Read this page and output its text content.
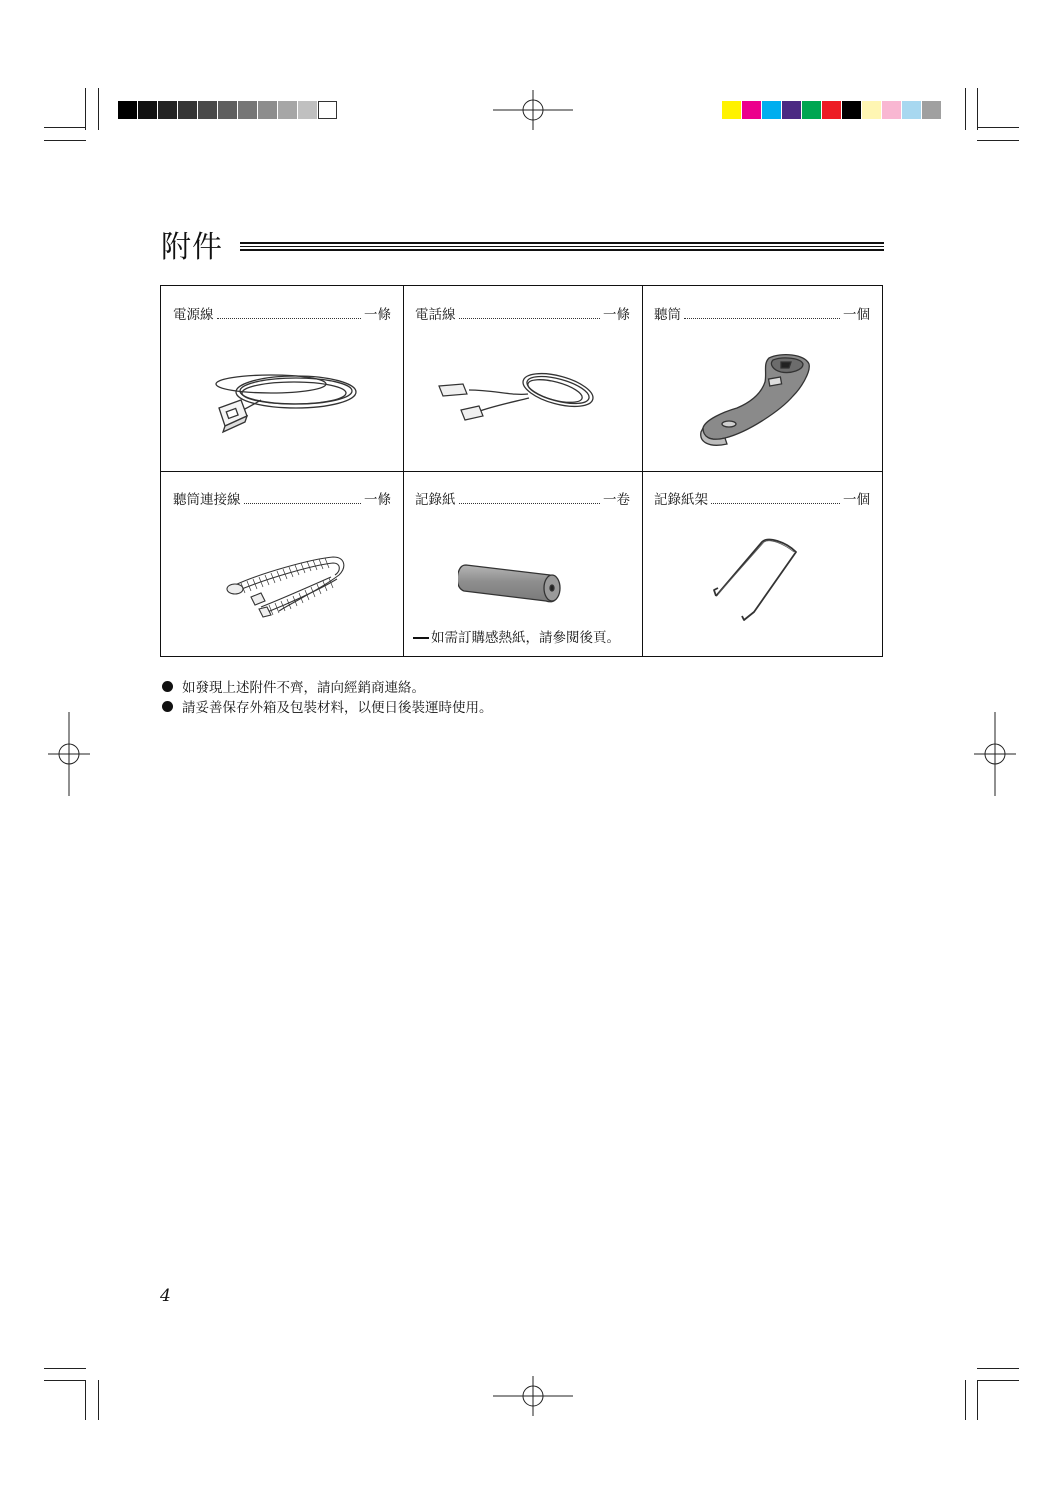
附件
電源線	一條 電話線	一條 聽筒	一個
聽筒連接線	一條 記錄紙	一卷
如需訂購感熱紙，請參閱後頁。
記錄紙架	一個
如發現上述附件不齊，請向經銷商連絡。
請妥善保存外箱及包裝材料，以便日後裝運時使用。
4
